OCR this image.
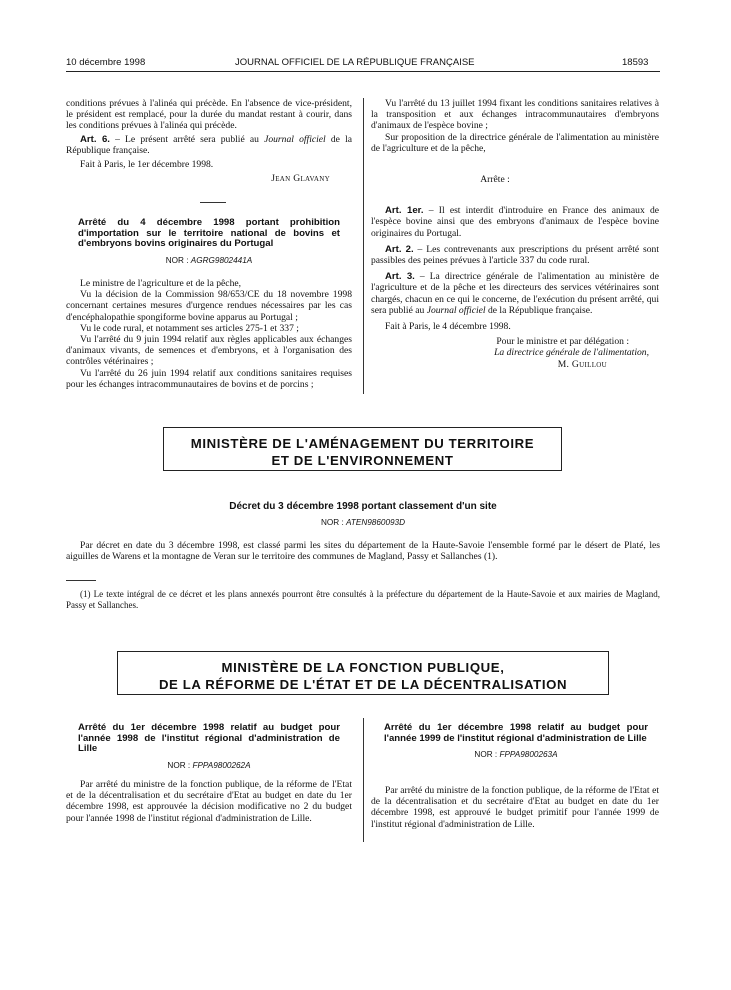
10 décembre 1998	JOURNAL OFFICIEL DE LA RÉPUBLIQUE FRANÇAISE	18593

conditions prévues à l'alinéa qui précède. En l'absence de vice-président, le président est remplacé, pour la durée du mandat restant à courir, dans les conditions prévues à l'alinéa qui précède.

Art. 6. – Le présent arrêté sera publié au Journal officiel de la République française.

Fait à Paris, le 1er décembre 1998.

Jean Glavany

Arrêté du 4 décembre 1998 portant prohibition d'importation sur le territoire national de bovins et d'embryons bovins originaires du Portugal
NOR : AGRG9802441A

Le ministre de l'agriculture et de la pêche,

Vu la décision de la Commission 98/653/CE du 18 novembre 1998 concernant certaines mesures d'urgence rendues nécessaires par les cas d'encéphalopathie spongiforme bovine apparus au Portugal ;

Vu le code rural, et notamment ses articles 275-1 et 337 ;

Vu l'arrêté du 9 juin 1994 relatif aux règles applicables aux échanges d'animaux vivants, de semences et d'embryons, et à l'organisation des contrôles vétérinaires ;

Vu l'arrêté du 26 juin 1994 relatif aux conditions sanitaires requises pour les échanges intracommunautaires de bovins et de porcins ;

Vu l'arrêté du 13 juillet 1994 fixant les conditions sanitaires relatives à la transposition et aux échanges intracommunautaires d'embryons d'animaux de l'espèce bovine ;

Sur proposition de la directrice générale de l'alimentation au ministère de l'agriculture et de la pêche,

Arrête :

Art. 1er. – Il est interdit d'introduire en France des animaux de l'espèce bovine ainsi que des embryons d'animaux de l'espèce bovine originaires du Portugal.

Art. 2. – Les contrevenants aux prescriptions du présent arrêté sont passibles des peines prévues à l'article 337 du code rural.

Art. 3. – La directrice générale de l'alimentation au ministère de l'agriculture et de la pêche et les directeurs des services vétérinaires sont chargés, chacun en ce qui le concerne, de l'exécution du présent arrêté, qui sera publié au Journal officiel de la République française.

Fait à Paris, le 4 décembre 1998.

Pour le ministre et par délégation :

La directrice générale de l'alimentation,

M. Guillou

MINISTÈRE DE L'AMÉNAGEMENT DU TERRITOIRE
ET DE L'ENVIRONNEMENT
Décret du 3 décembre 1998 portant classement d'un site
NOR : ATEN9860093D

Par décret en date du 3 décembre 1998, est classé parmi les sites du département de la Haute-Savoie l'ensemble formé par le désert de Platé, les aiguilles de Warens et la montagne de Veran sur le territoire des communes de Magland, Passy et Sallanches (1).

(1) Le texte intégral de ce décret et les plans annexés pourront être consultés à la préfecture du département de la Haute-Savoie et aux mairies de Magland, Passy et Sallanches.

MINISTÈRE DE LA FONCTION PUBLIQUE,
DE LA RÉFORME DE L'ÉTAT ET DE LA DÉCENTRALISATION
Arrêté du 1er décembre 1998 relatif au budget pour l'année 1998 de l'institut régional d'administration de Lille
NOR : FPPA9800262A

Par arrêté du ministre de la fonction publique, de la réforme de l'Etat et de la décentralisation et du secrétaire d'Etat au budget en date du 1er décembre 1998, est approuvée la décision modificative no 2 du budget pour l'année 1998 de l'institut régional d'administration de Lille.

Arrêté du 1er décembre 1998 relatif au budget pour l'année 1999 de l'institut régional d'administration de Lille
NOR : FPPA9800263A

Par arrêté du ministre de la fonction publique, de la réforme de l'Etat et de la décentralisation et du secrétaire d'Etat au budget en date du 1er décembre 1998, est approuvé le budget primitif pour l'année 1999 de l'institut régional d'administration de Lille.
